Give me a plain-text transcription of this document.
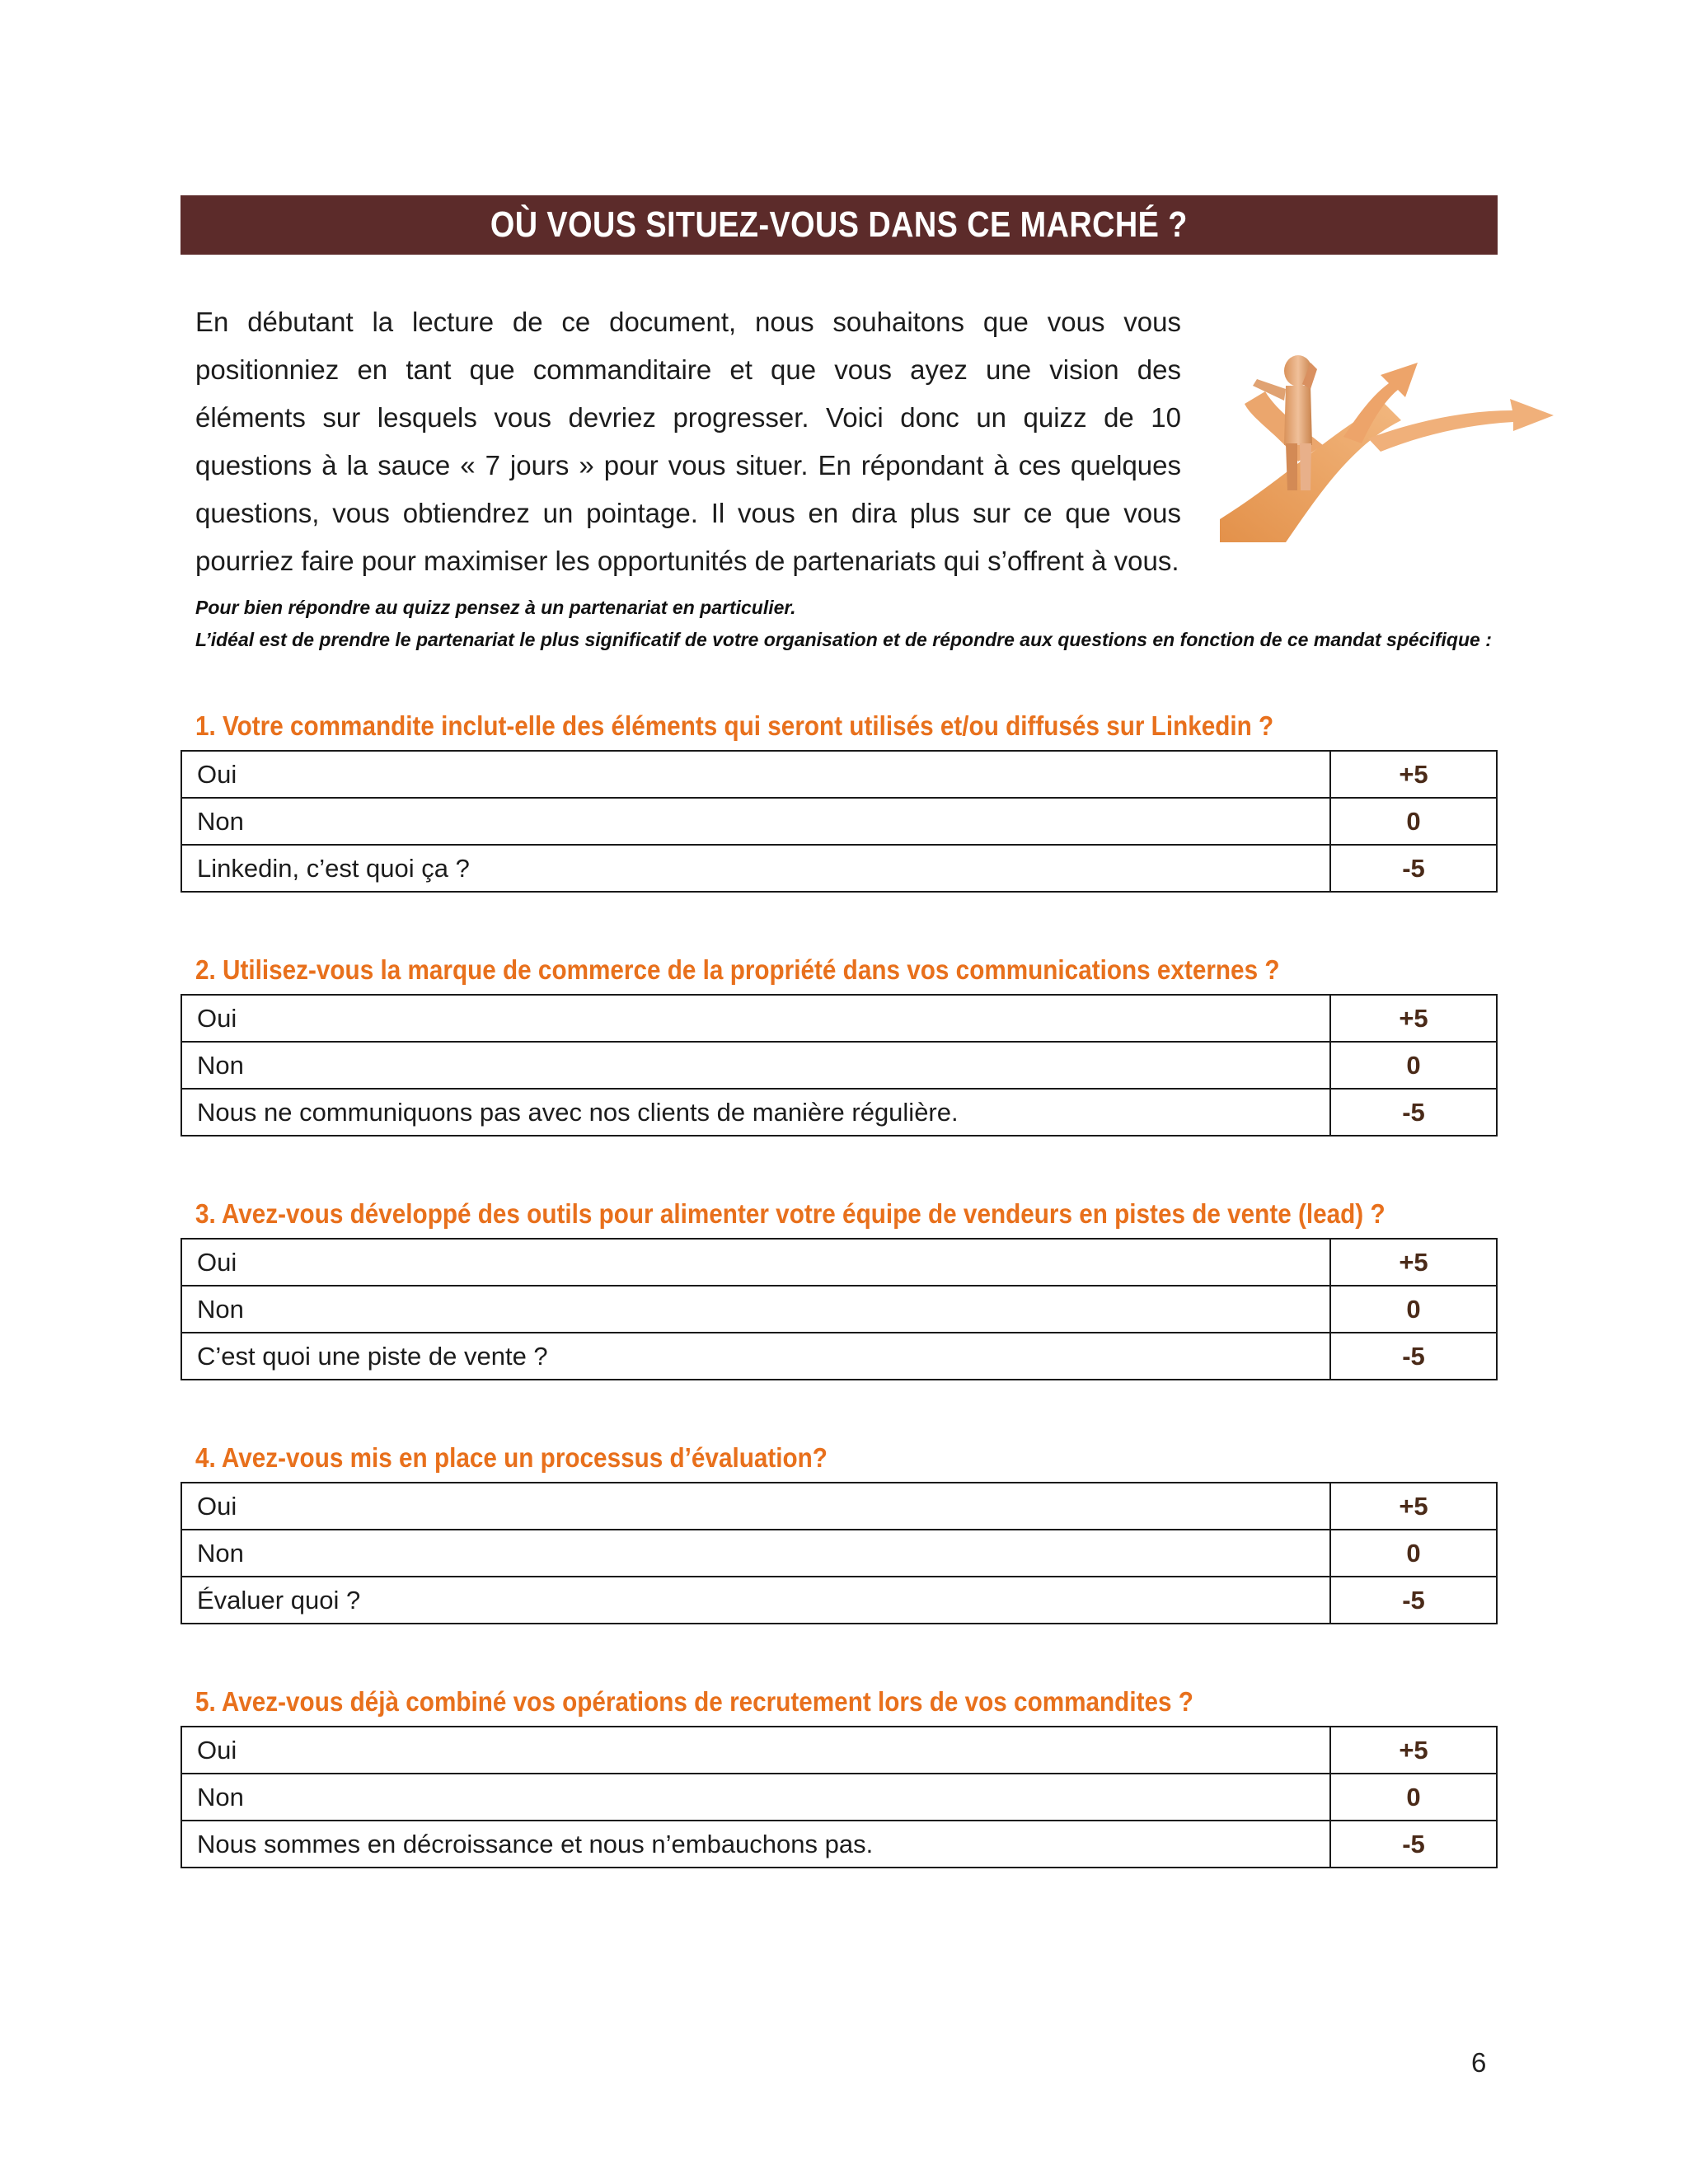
OÙ VOUS SITUEZ-VOUS DANS CE MARCHÉ ?

En débutant la lecture de ce document, nous souhaitons que vous vous positionniez en tant que commanditaire et que vous ayez une vision des éléments sur lesquels vous devriez progresser. Voici donc un quizz de 10 questions à la sauce « 7 jours » pour vous situer. En répondant à ces quelques questions, vous obtiendrez un pointage. Il vous en dira plus sur ce que vous pourriez faire pour maximiser les opportunités de partenariats qui s’offrent à vous.

Pour bien répondre au quizz pensez à un partenariat en particulier.
L’idéal est de prendre le partenariat le plus significatif de votre organisation et de répondre aux questions en fonction de ce mandat spécifique :
1. Votre commandite inclut-elle des éléments qui seront utilisés et/ou diffusés sur Linkedin ?
Oui	+5
Non	0
Linkedin, c’est quoi ça ?	-5
2. Utilisez-vous la marque de commerce de la propriété dans vos communications externes ?
Oui	+5
Non	0
Nous ne communiquons pas avec nos clients de manière régulière.	-5
3. Avez-vous développé des outils pour alimenter votre équipe de vendeurs en pistes de vente (lead) ?
Oui	+5
Non	0
C’est quoi une piste de vente ?	-5
4. Avez-vous mis en place un processus d’évaluation?
Oui	+5
Non	0
Évaluer quoi ?	-5
5. Avez-vous déjà combiné vos opérations de recrutement lors de vos commandites ?
Oui	+5
Non	0
Nous sommes en décroissance et nous n’embauchons pas.	-5
6
